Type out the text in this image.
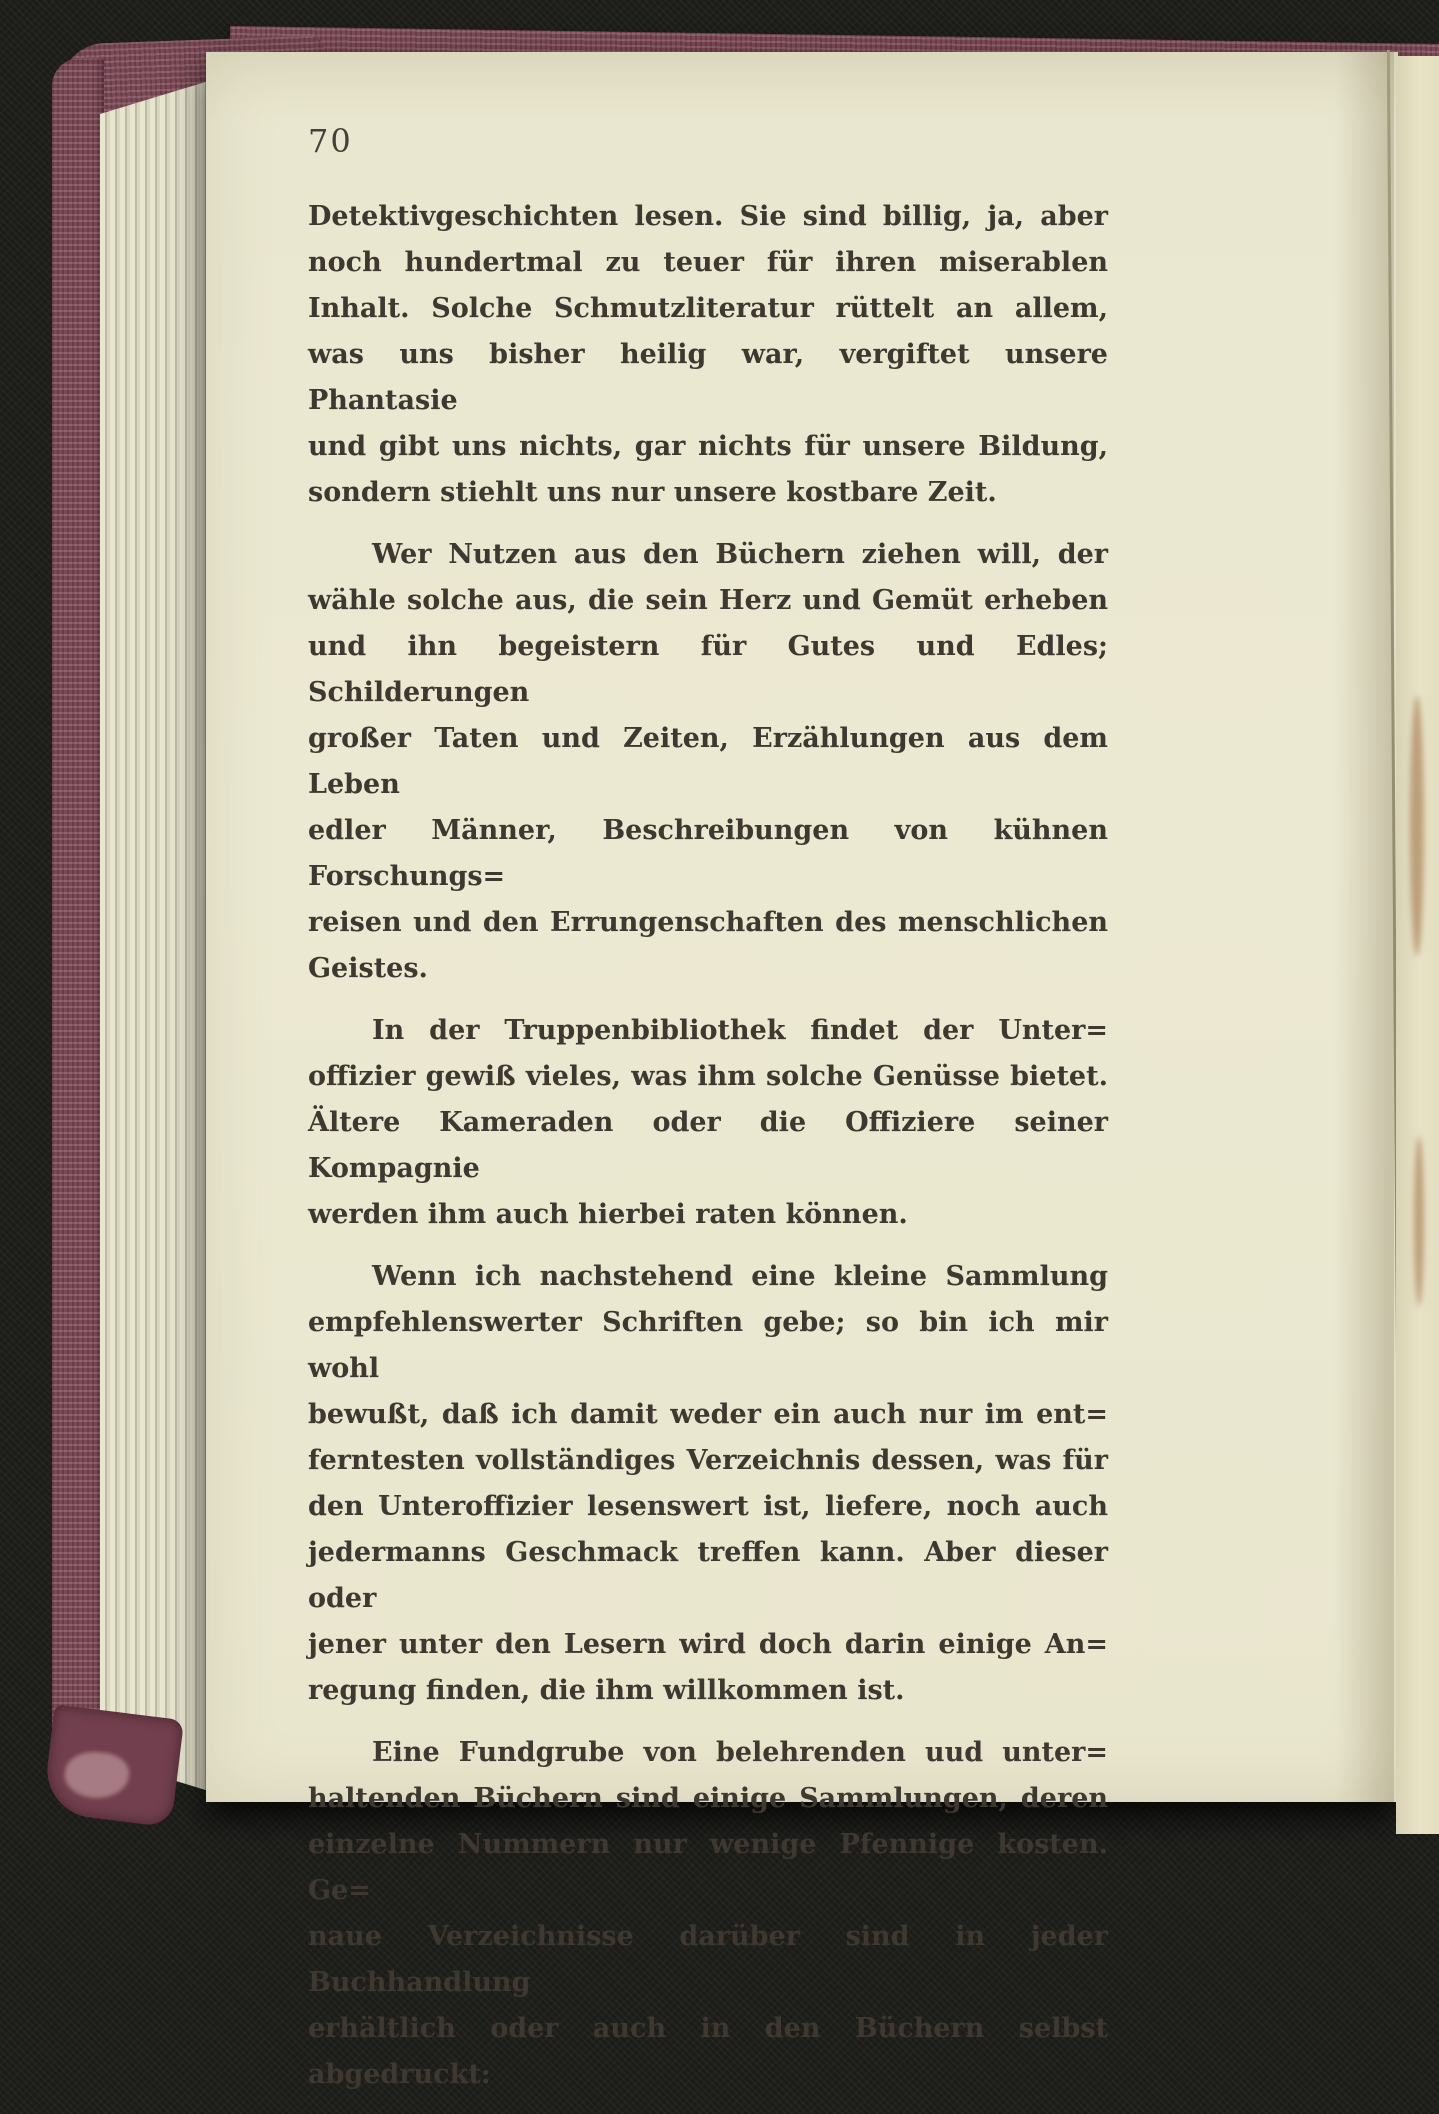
70
Detektivgeschichten lesen. Sie sind billig, ja, aber
noch hundertmal zu teuer für ihren miserablen
Inhalt. Solche Schmutzliteratur rüttelt an allem,
was uns bisher heilig war, vergiftet unsere Phantasie
und gibt uns nichts, gar nichts für unsere Bildung,
sondern stiehlt uns nur unsere kostbare Zeit.
Wer Nutzen aus den Büchern ziehen will, der
wähle solche aus, die sein Herz und Gemüt erheben
und ihn begeistern für Gutes und Edles; Schilderungen
großer Taten und Zeiten, Erzählungen aus dem Leben
edler Männer, Beschreibungen von kühnen Forschungs=
reisen und den Errungenschaften des menschlichen
Geistes.
In der Truppenbibliothek findet der Unter=
offizier gewiß vieles, was ihm solche Genüsse bietet.
Ältere Kameraden oder die Offiziere seiner Kompagnie
werden ihm auch hierbei raten können.
Wenn ich nachstehend eine kleine Sammlung
empfehlenswerter Schriften gebe; so bin ich mir wohl
bewußt, daß ich damit weder ein auch nur im ent=
ferntesten vollständiges Verzeichnis dessen, was für
den Unteroffizier lesenswert ist, liefere, noch auch
jedermanns Geschmack treffen kann. Aber dieser oder
jener unter den Lesern wird doch darin einige An=
regung finden, die ihm willkommen ist.
Eine Fundgrube von belehrenden uud unter=
haltenden Büchern sind einige Sammlungen, deren
einzelne Nummern nur wenige Pfennige kosten. Ge=
naue Verzeichnisse darüber sind in jeder Buchhandlung
erhältlich oder auch in den Büchern selbst abgedruckt:
